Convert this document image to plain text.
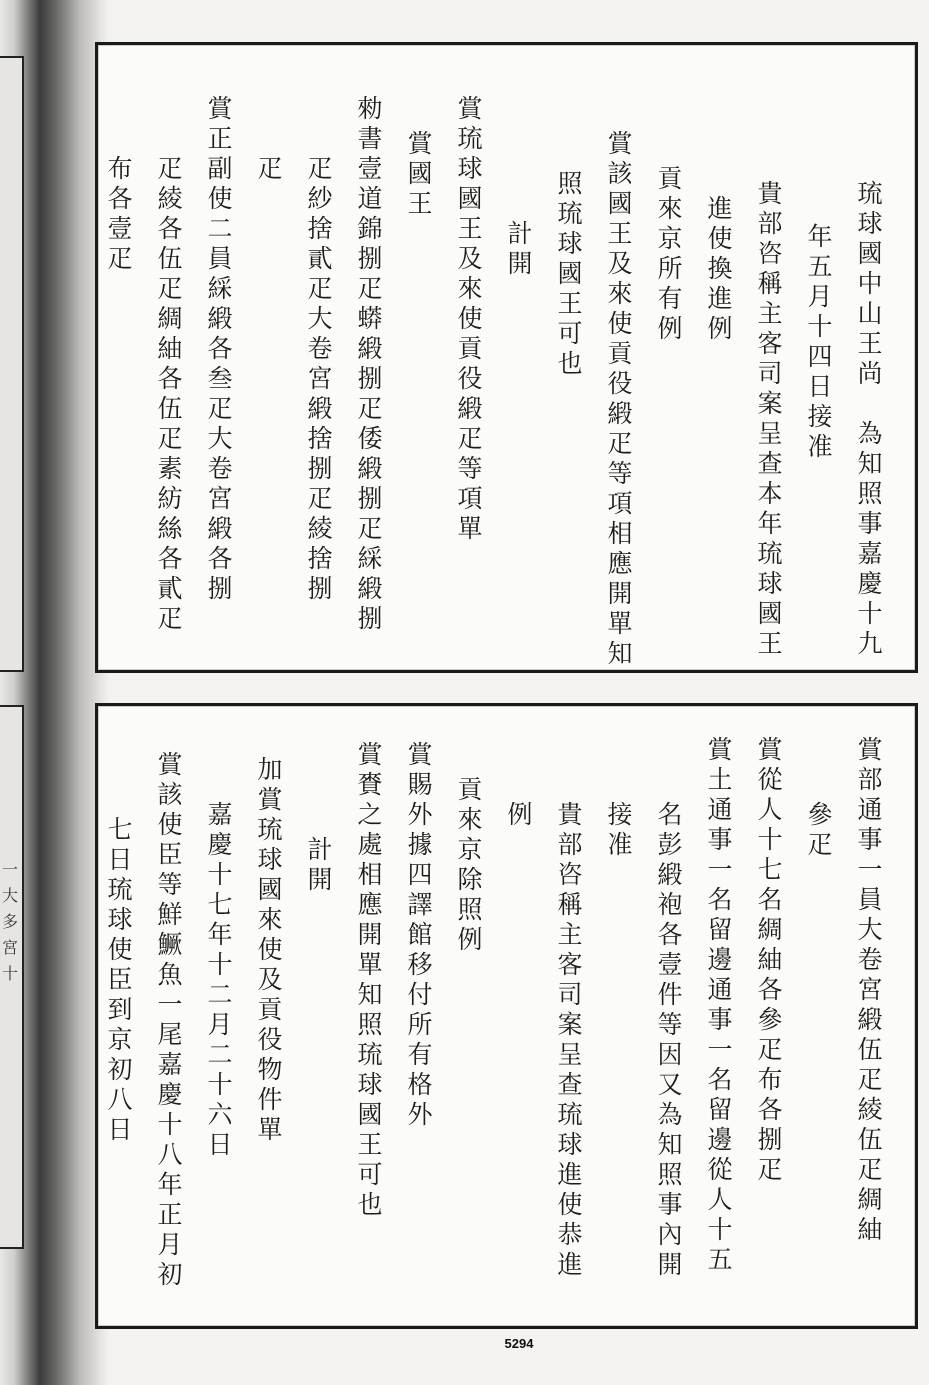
一
大
多
宮
十
琉球國中山王尚　為知照事嘉慶十九
年五月十四日接准
貴部咨稱主客司案呈查本年琉球國王
進使換進例
貢來京所有例
賞該國王及來使貢役緞疋等項相應開單知
照琉球國王可也
計開
賞琉球國王及來使貢役緞疋等項單
賞國王
勑書壹道錦捌疋蟒緞捌疋倭緞捌疋綵緞捌
疋紗捨貳疋大卷宮緞捨捌疋綾捨捌
疋
賞正副使二員綵緞各叁疋大卷宮緞各捌
疋綾各伍疋綢紬各伍疋素紡絲各貳疋
布各壹疋
賞部通事一員大卷宮緞伍疋綾伍疋綢紬
參疋
賞從人十七名綢紬各參疋布各捌疋
賞土通事一名留邊通事一名留邊從人十五
名彭緞袍各壹件等因又為知照事內開
接准
貴部咨稱主客司案呈查琉球進使恭進
例
貢來京除照例
賞賜外據四譯館移付所有格外
賞賚之處相應開單知照琉球國王可也
計開
加賞琉球國來使及貢役物件單
嘉慶十七年十二月二十六日
賞該使臣等鮮鱖魚一尾嘉慶十八年正月初
七日琉球使臣到京初八日
5294
